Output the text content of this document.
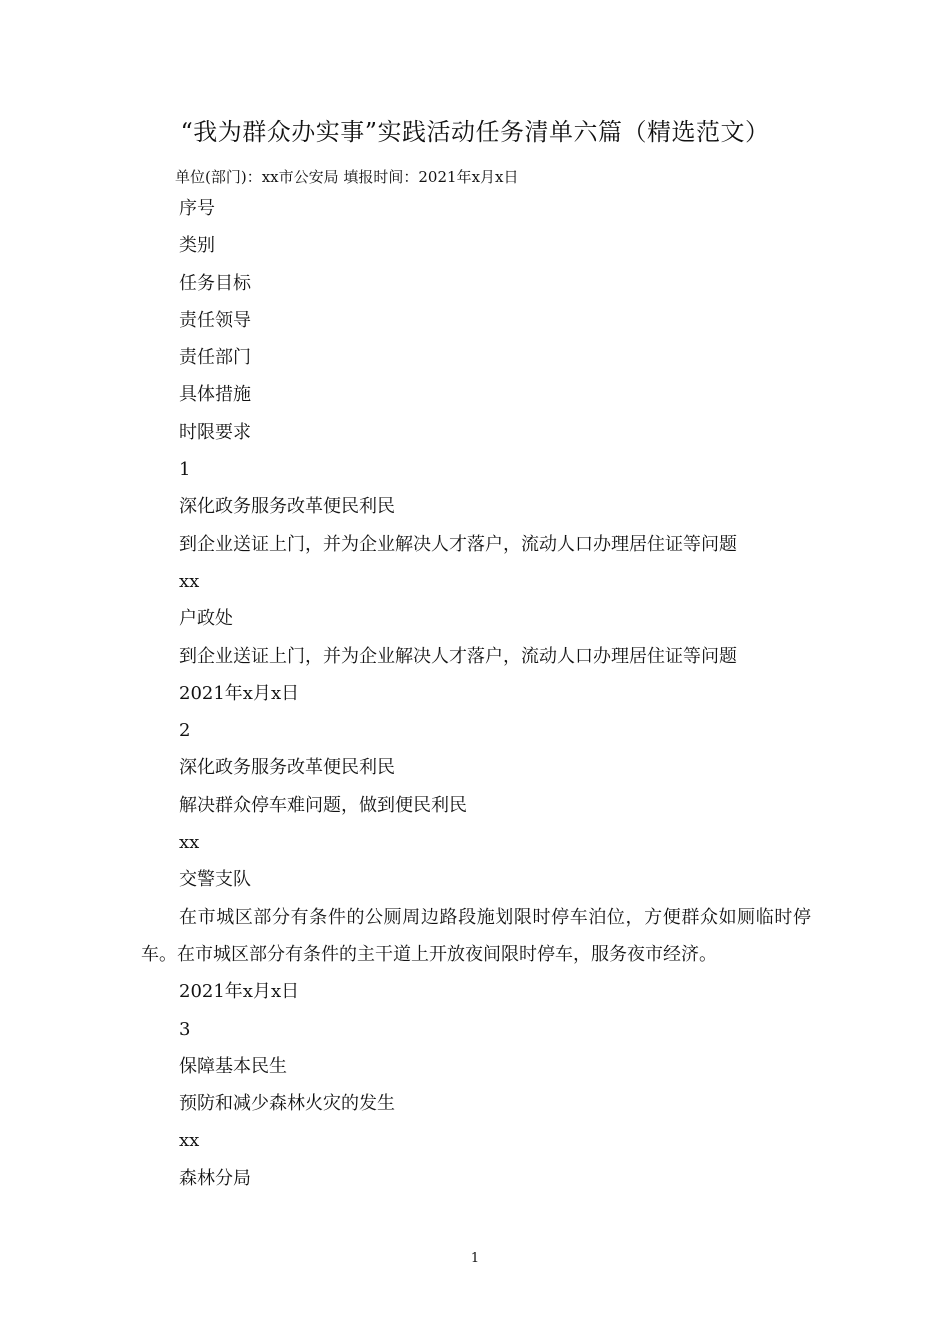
“我为群众办实事”实践活动任务清单六篇（精选范文）
单位(部门)：xx市公安局 填报时间：2021年x月x日

序号

类别

任务目标

责任领导

责任部门

具体措施

时限要求

1

深化政务服务改革便民利民

到企业送证上门，并为企业解决人才落户，流动人口办理居住证等问题

xx

户政处

到企业送证上门，并为企业解决人才落户，流动人口办理居住证等问题

2021年x月x日

2

深化政务服务改革便民利民

解决群众停车难问题，做到便民利民

xx

交警支队

在市城区部分有条件的公厕周边路段施划限时停车泊位，方便群众如厕临时停车。在市城区部分有条件的主干道上开放夜间限时停车，服务夜市经济。

2021年x月x日

3

保障基本民生

预防和减少森林火灾的发生

xx

森林分局

1
